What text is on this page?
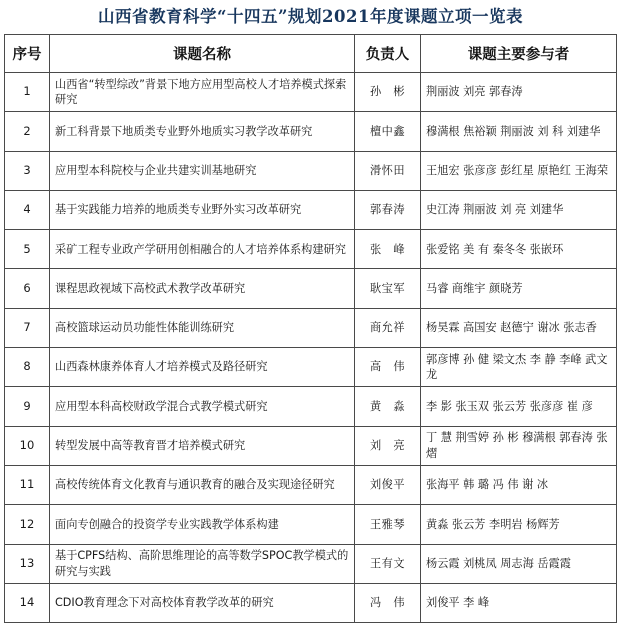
山西省教育科学“十四五”规划2021年度课题立项一览表
序号	课题名称	负责人	课题主要参与者

1	山西省“转型综改”背景下地方应用型高校人才培养模式探索研究	孙　彬	荆丽波 刘亮 郭春涛

2	新工科背景下地质类专业野外地质实习教学改革研究	檀中鑫	穆满根 焦裕颖 荆丽波 刘 科 刘建华

3	应用型本科院校与企业共建实训基地研究	滑怀田	王旭宏 张彦彦 彭红星 原艳红 王海荣

4	基于实践能力培养的地质类专业野外实习改革研究	郭春涛	史江涛 荆丽波 刘 亮 刘建华

5	采矿工程专业政产学研用创相融合的人才培养体系构建研究	张　峰	张爱铭 美 有 秦冬冬 张嵌环

6	课程思政视域下高校武术教学改革研究	耿宝军	马睿 商维宇 颜晓芳

7	高校篮球运动员功能性体能训练研究	商允祥	杨昊霖 高国安 赵德宁 谢冰 张志香

8	山西森林康养体育人才培养模式及路径研究	高　伟	郭彦博 孙 健 梁文杰 李 静 李峰 武文龙

9	应用型本科高校财政学混合式教学模式研究	黄　淼	李 影 张玉双 张云芳 张彦彦 崔 彦

10	转型发展中高等教育晋才培养模式研究	刘　亮	丁 慧 荆雪婷 孙 彬 穆满根 郭春涛 张熠

11	高校传统体育文化教育与通识教育的融合及实现途径研究	刘俊平	张海平 韩 璐 冯 伟 谢 冰

12	面向专创融合的投资学专业实践教学体系构建	王雅琴	黄淼 张云芳 李明岩 杨辉芳

13	基于CPFS结构、高阶思维理论的高等数学SPOC教学模式的研究与实践	王有文	杨云霞 刘桃凤 周志海 岳霞霞

14	CDIO教育理念下对高校体育教学改革的研究	冯　伟	刘俊平 李 峰
